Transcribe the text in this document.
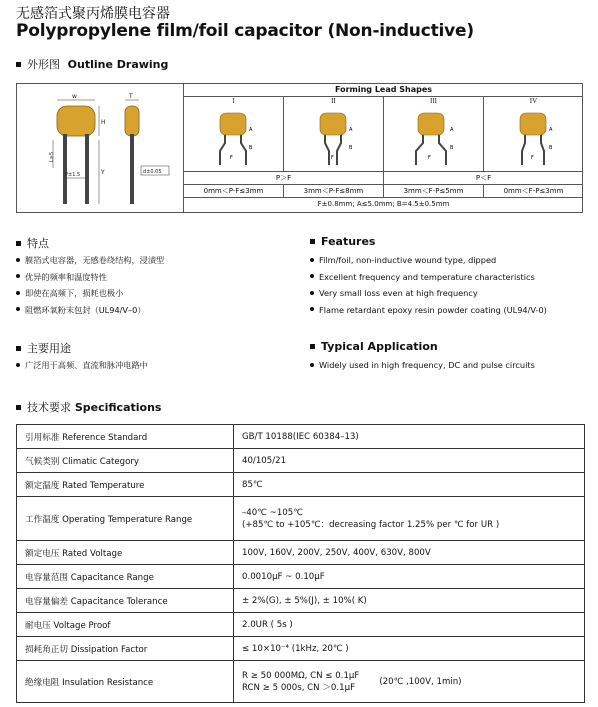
无感箔式聚丙烯膜电容器
Polypropylene film/foil capacitor (Non-inductive)
外形图 Outline Drawing
w
H
Y
L≥5
P±1.5
T
d±0.05
Forming Lead Shapes
I
A
B
F
II
A
B
F
III
A
B
F
IV
A
B
F
P＞F	P＜F
0mm＜P-F≤3mm	3mm＜P-F≤8mm	3mm＜F-P≤5mm	0mm＜F-P≤3mm
F±0.8mm; A≤5.0mm; B=4.5±0.5mm
特点
膜箔式电容器，无感卷绕结构，浸渍型
优异的频率和温度特性
即使在高频下，损耗也极小
阻燃环氧粉末包封（UL94/V–0）
Features
Film/foil, non-inductive wound type, dipped
Excellent frequency and temperature characteristics
Very small loss even at high frequency
Flame retardant epoxy resin powder coating (UL94/V-0)
主要用途
广泛用于高频、直流和脉冲电路中
Typical Application
Widely used in high frequency, DC and pulse circuits
技术要求 Specifications
引用标准 Reference Standard	GB/T 10188(IEC 60384–13)
气候类别 Climatic Category	40/105/21
额定温度 Rated Temperature	85℃
工作温度 Operating Temperature Range	–40℃ ~105℃
(+85℃ to +105℃：decreasing factor 1.25% per ℃ for UR )

额定电压 Rated Voltage	100V, 160V, 200V, 250V, 400V, 630V, 800V
电容量范围 Capacitance Range	0.0010μF ~ 0.10μF
电容量偏差 Capacitance Tolerance	± 2%(G), ± 5%(J), ± 10%( K)
耐电压 Voltage Proof	2.0UR ( 5s )
损耗角正切 Dissipation Factor	≤ 10×10⁻⁴ (1kHz, 20℃ )
绝缘电阻 Insulation Resistance	R ≥ 50 000MΩ, CN ≤ 0.1μF
RCN ≥ 5 000s, CN ＞0.1μF
(20℃ ,100V, 1min)
